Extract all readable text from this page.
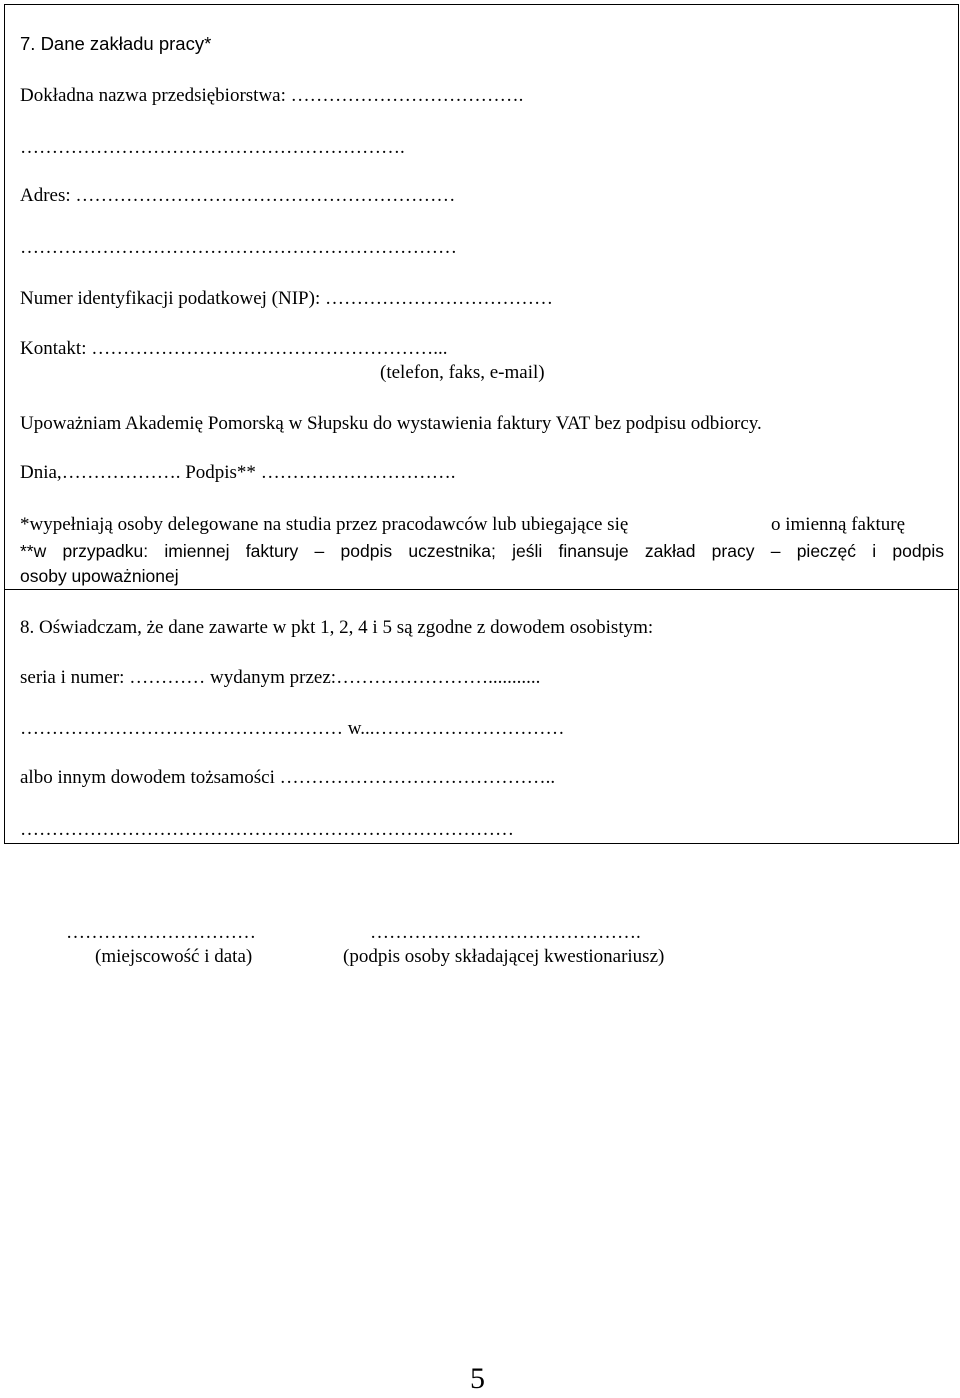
7. Dane zakładu pracy*
Dokładna nazwa przedsiębiorstwa: ……………………………….
…………………………………………………….
Adres: ……………………………………………………
……………………………………………………………
Numer identyfikacji podatkowej (NIP): ………………………………
Kontakt: ………………………………………………...
(telefon, faks, e-mail)
Upoważniam Akademię Pomorską w Słupsku do wystawienia faktury VAT bez podpisu odbiorcy.
Dnia,………………. Podpis** ………………………….
*wypełniają osoby delegowane na studia przez pracodawców lub ubiegające się	o imienną fakturę
**w przypadku: imiennej faktury – podpis uczestnika; jeśli finansuje zakład pracy – pieczęć i podpis
osoby upoważnionej
8. Oświadczam, że dane zawarte w pkt 1, 2, 4 i 5 są zgodne z dowodem osobistym:
seria i numer: ………… wydanym przez:……………………...........
…………………………………………… w...…………………………
albo innym dowodem tożsamości ……………………………………..
……………………………………………………………………
…………………………
(miejscowość i data)
…………………………………….
(podpis osoby składającej kwestionariusz)
5
